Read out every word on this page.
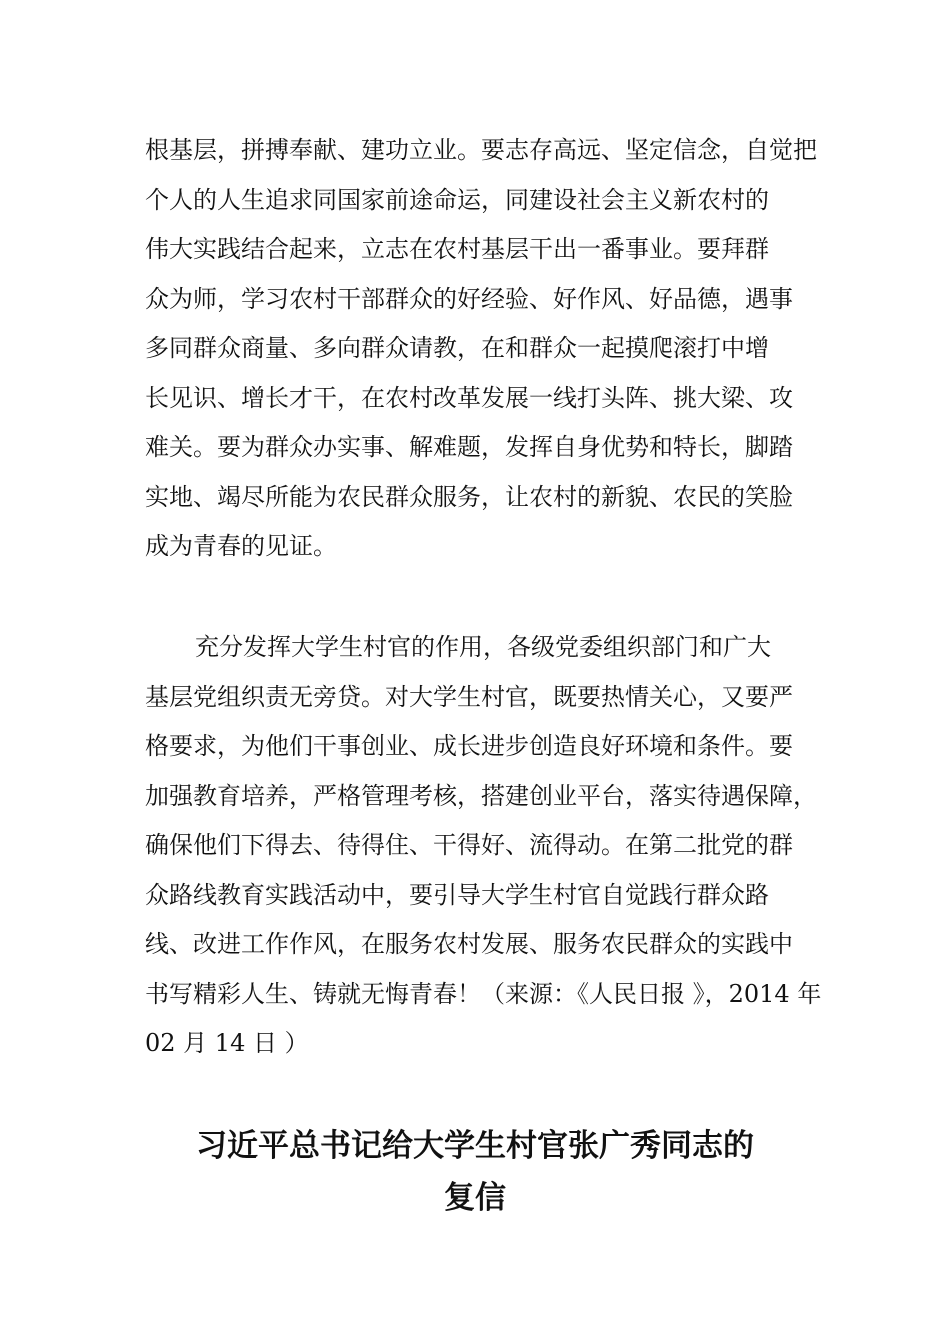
根基层，拼搏奉献、建功立业。要志存高远、坚定信念，自觉把
个人的人生追求同国家前途命运，同建设社会主义新农村的
伟大实践结合起来，立志在农村基层干出一番事业。要拜群
众为师，学习农村干部群众的好经验、好作风、好品德，遇事
多同群众商量、多向群众请教，在和群众一起摸爬滚打中增
长见识、增长才干，在农村改革发展一线打头阵、挑大梁、攻
难关。要为群众办实事、解难题，发挥自身优势和特长，脚踏
实地、竭尽所能为农民群众服务，让农村的新貌、农民的笑脸
成为青春的见证。
充分发挥大学生村官的作用，各级党委组织部门和广大
基层党组织责无旁贷。对大学生村官，既要热情关心，又要严
格要求，为他们干事创业、成长进步创造良好环境和条件。要
加强教育培养，严格管理考核，搭建创业平台，落实待遇保障，
确保他们下得去、待得住、干得好、流得动。在第二批党的群
众路线教育实践活动中，要引导大学生村官自觉践行群众路
线、改进工作作风，在服务农村发展、服务农民群众的实践中
书写精彩人生、铸就无悔青春！（来源：《人民日报 》，2014 年
02 月 14 日 ）
习近平总书记给大学生村官张广秀同志的
复信
